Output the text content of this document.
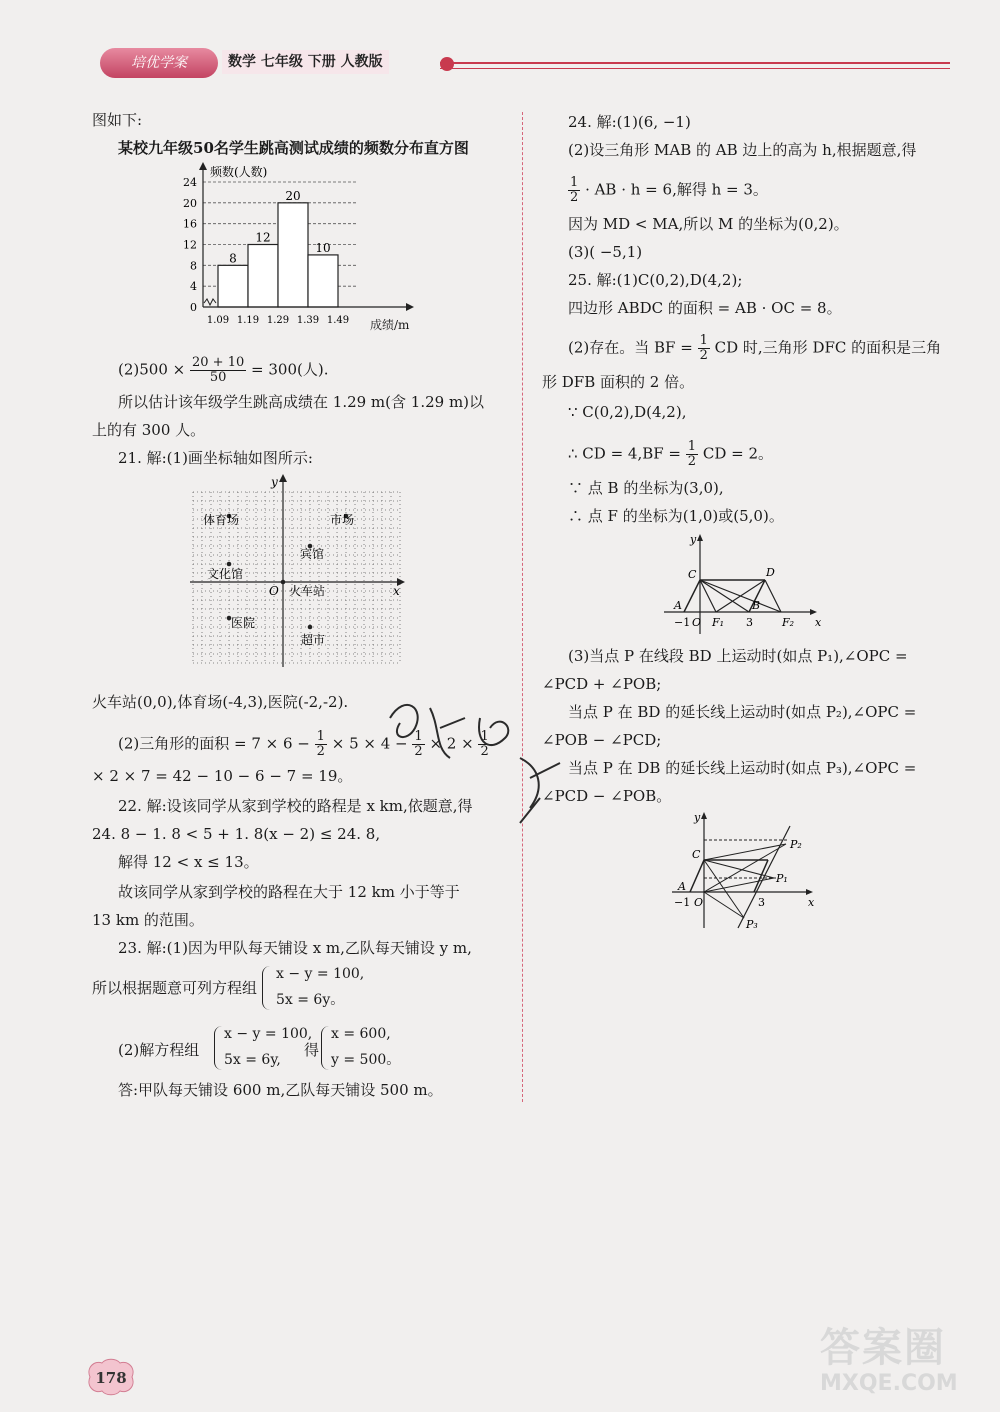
培优学案	数学 七年级 下册 人教版
图如下:
某校九年级50名学生跳高测试成绩的频数分布直方图
8
12
20
10
0
4
8
12
16
20
24
1.09 1.19 1.29 1.39 1.49
频数(人数)
成绩/m
$(2)500 \times \frac{20 + 10}{50} = 300$(人).
所以估计该年级学生跳高成绩在 1.29 m(含 1.29 m)以
上的有 300 人。
21. 解:(1)画坐标轴如图所示:
体育场	市场
宾馆
文化馆
火车站
医院
超市
O	x
y
火车站(0,0),体育场(-4,3),医院(-2,-2).
(2)三角形的面积 = $7 \times 6 - \frac{1}{2} \times 5 \times 4 - \frac{1}{2} \times 2 \times \frac{1}{2}$
× 2 × 7 = 42 − 10 − 6 − 7 = 19。
22. 解:设该同学从家到学校的路程是 x km,依题意,得
24. 8 − 1. 8 < 5 + 1. 8(x − 2) ≤ 24. 8,
解得 12 < x ≤ 13。
故该同学从家到学校的路程在大于 12 km 小于等于
13 km 的范围。
23. 解:(1)因为甲队每天铺设 x m,乙队每天铺设 y m,
所以根据题意可列方程组
x − y = 100,
5x = 6y。
(2)解方程组
x − y = 100,
5x = 6y,
得
x = 600,
y = 500。
答:甲队每天铺设 600 m,乙队每天铺设 500 m。
24. 解:(1)(6, −1)
(2)设三角形 MAB 的 AB 边上的高为 h,根据题意,得
$\frac{1}{2}$ · AB · h = 6,解得 h = 3。
因为 MD < MA,所以 M 的坐标为(0,2)。
(3)( −5,1)
25. 解:(1)C(0,2),D(4,2);
四边形 ABDC 的面积 = AB · OC = 8。
(2)存在。当 BF = $\frac{1}{2}$ CD 时,三角形 DFC 的面积是三角
形 DFB 面积的 2 倍。
∵ C(0,2),D(4,2),
∴ CD = $4,BF = \frac{1}{2}$ CD = 2。
∵ 点 B 的坐标为(3,0),
∴ 点 F 的坐标为(1,0)或(5,0)。
y
C	D
A
−1 O F₁
B
3	F₂ x
(3)当点 P 在线段 BD 上运动时(如点 P₁),∠OPC =
∠PCD + ∠POB;
当点 P 在 BD 的延长线上运动时(如点 P₂),∠OPC =
∠POB − ∠PCD;
当点 P 在 DB 的延长线上运动时(如点 P₃),∠OPC =
∠PCD − ∠POB。
y
C
A
−1 O	3	x
P₂
P₁
P₃
178
答案圈
MXQE.COM
